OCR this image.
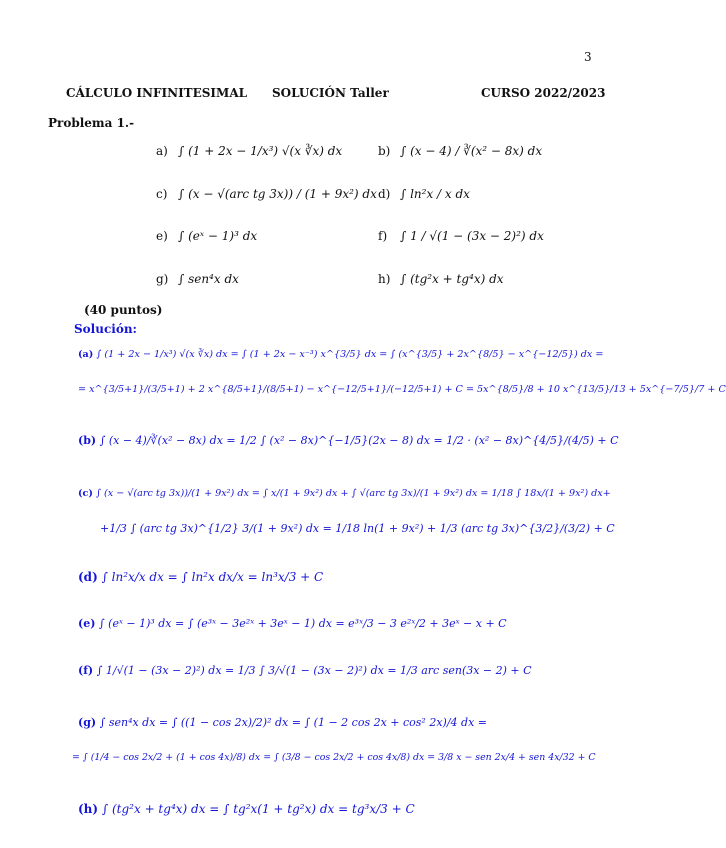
3
CÁLCULO INFINITESIMAL SOLUCIÓN Taller	CURSO 2022/2023
Problema 1.-
a) ∫ (1 + 2x − 1/x³) √(x ∛x) dx	b) ∫ (x − 4) / ∛(x² − 8x) dx
c) ∫ (x − √(arc tg 3x)) / (1 + 9x²) dx d) ∫ ln²x / x dx
e) ∫ (eˣ − 1)³ dx	f) ∫ 1 / √(1 − (3x − 2)²) dx
g) ∫ sen⁴x dx	h) ∫ (tg²x + tg⁴x) dx
(40 puntos)
Solución:
(a) ∫ (1 + 2x − 1/x³) √(x ∛x) dx = ∫ (1 + 2x − x⁻³) x^{3/5} dx = ∫ (x^{3/5} + 2x^{8/5} − x^{−12/5}) dx =
= x^{3/5+1}/(3/5+1) + 2 x^{8/5+1}/(8/5+1) − x^{−12/5+1}/(−12/5+1) + C = 5x^{8/5}/8 + 10 x^{13/5}/13 + 5x^{−7/5}/7 + C
(b) ∫ (x − 4)/∛(x² − 8x) dx = 1/2 ∫ (x² − 8x)^{−1/5}(2x − 8) dx = 1/2 · (x² − 8x)^{4/5}/(4/5) + C
(c) ∫ (x − √(arc tg 3x))/(1 + 9x²) dx = ∫ x/(1 + 9x²) dx + ∫ √(arc tg 3x)/(1 + 9x²) dx = 1/18 ∫ 18x/(1 + 9x²) dx+
+1/3 ∫ (arc tg 3x)^{1/2} 3/(1 + 9x²) dx = 1/18 ln(1 + 9x²) + 1/3 (arc tg 3x)^{3/2}/(3/2) + C
(d) ∫ ln²x/x dx = ∫ ln²x dx/x = ln³x/3 + C
(e) ∫ (eˣ − 1)³ dx = ∫ (e³ˣ − 3e²ˣ + 3eˣ − 1) dx = e³ˣ/3 − 3 e²ˣ/2 + 3eˣ − x + C
(f) ∫ 1/√(1 − (3x − 2)²) dx = 1/3 ∫ 3/√(1 − (3x − 2)²) dx = 1/3 arc sen(3x − 2) + C
(g) ∫ sen⁴x dx = ∫ ((1 − cos 2x)/2)² dx = ∫ (1 − 2 cos 2x + cos² 2x)/4 dx =
= ∫ (1/4 − cos 2x/2 + (1 + cos 4x)/8) dx = ∫ (3/8 − cos 2x/2 + cos 4x/8) dx = 3/8 x − sen 2x/4 + sen 4x/32 + C
(h) ∫ (tg²x + tg⁴x) dx = ∫ tg²x(1 + tg²x) dx = tg³x/3 + C
